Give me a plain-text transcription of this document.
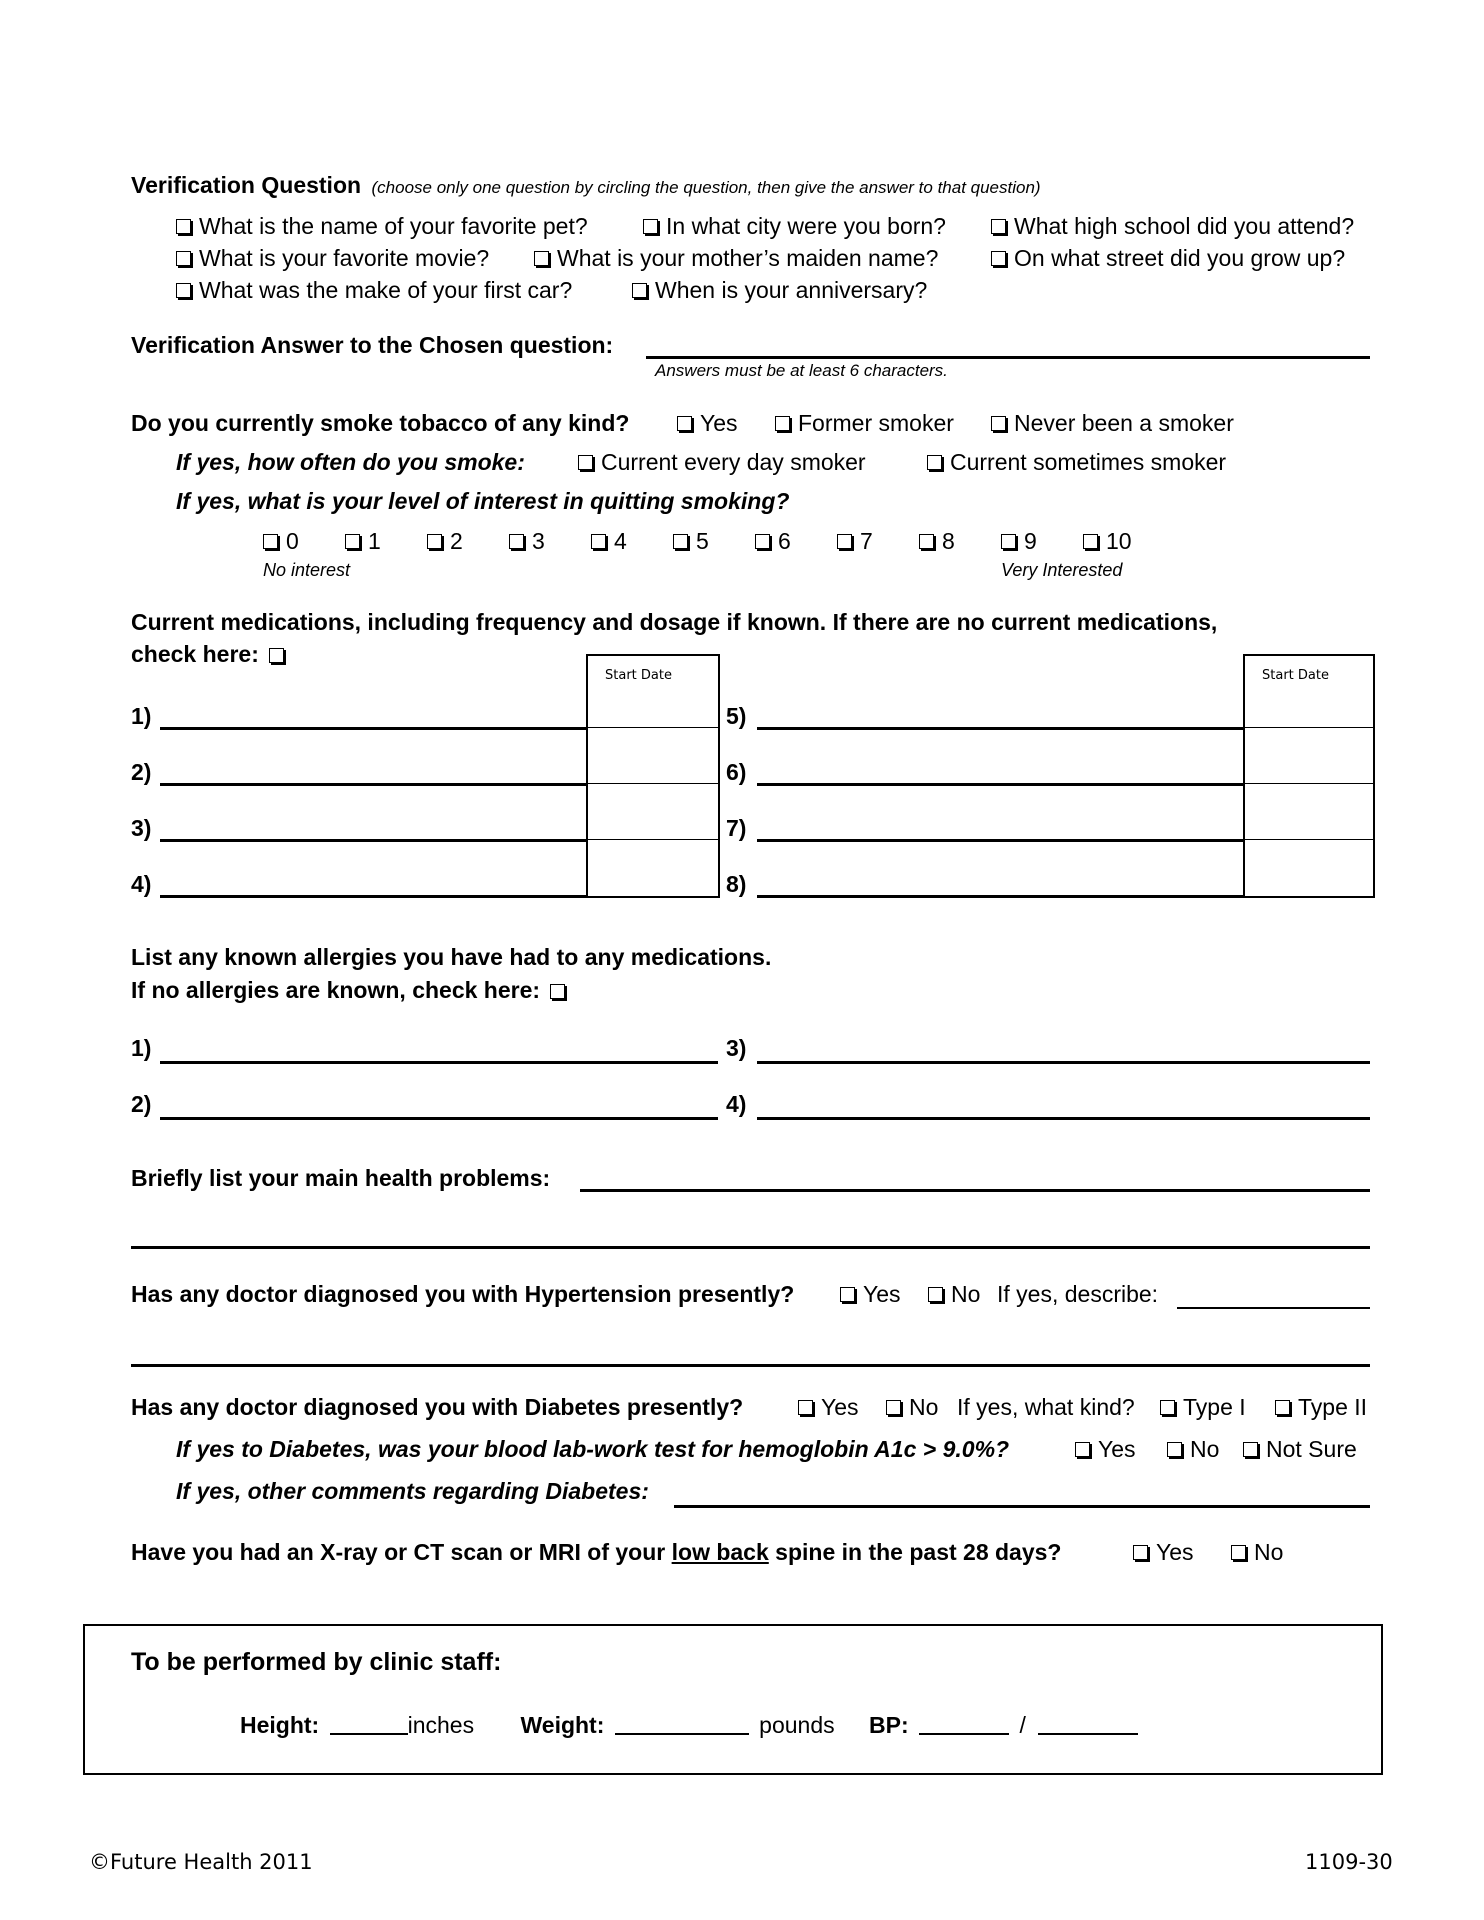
Verification Question (choose only one question by circling the question, then give the answer to that question)
What is the name of your favorite pet?	In what city were you born?	What high school did you attend?
What is your favorite movie?	What is your mother’s maiden name?	On what street did you grow up?
What was the make of your first car?	When is your anniversary?
Verification Answer to the Chosen question:
Answers must be at least 6 characters.
Do you currently smoke tobacco of any kind?	Yes	Former smoker	Never been a smoker
If yes, how often do you smoke:	Current every day smoker	Current sometimes smoker
If yes, what is your level of interest in quitting smoking?
0	1	2	3	4	5	6	7	8	9	10
No interest	Very Interested
Current medications, including frequency and dosage if known. If there are no current medications,
check here:
Start Date	Start Date
1)
2)
3)
4)
5)
6)
7)
8)
List any known allergies you have had to any medications.
If no allergies are known, check here:
1)
2)
3)
4)
Briefly list your main health problems:
Has any doctor diagnosed you with Hypertension presently?	Yes No If yes, describe:
Has any doctor diagnosed you with Diabetes presently?	Yes No If yes, what kind? Type I Type II
If yes to Diabetes, was your blood lab-work test for hemoglobin A1c > 9.0%?	Yes No Not Sure
If yes, other comments regarding Diabetes:
Have you had an X-ray or CT scan or MRI of your low back spine in the past 28 days?	Yes	No
To be performed by clinic staff:
Height:	inches Weight:	pounds BP:	/
©Future Health 2011	1109-30
